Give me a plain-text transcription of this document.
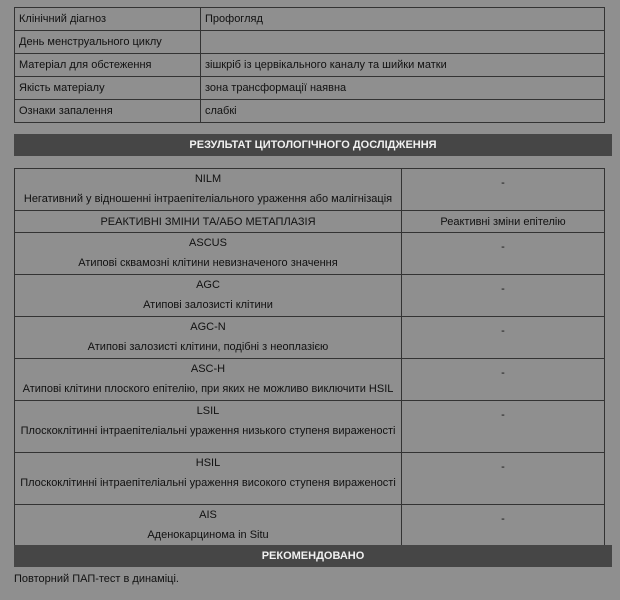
Клінічний діагноз	Профогляд
День менструального циклу	
Матеріал для обстеження	зішкріб із цервікального каналу та шийки матки
Якість матеріалу	зона трансформації наявна
Ознаки запалення	слабкі
РЕЗУЛЬТАТ ЦИТОЛОГІЧНОГО ДОСЛІДЖЕННЯ
NILM
Негативний у відношенні інтраепітеліального ураження або малігнізація	-
РЕАКТИВНІ ЗМІНИ ТА/АБО МЕТАПЛАЗІЯ	Реактивні зміни епітелію

ASCUS
Атипові сквамозні клітини невизначеного значення	-

AGC
Атипові залозисті клітини	-

AGC-N
Атипові залозисті клітини, подібні з неоплазією	-

ASC-H
Атипові клітини плоского епітелію, при яких не можливо виключити HSIL	-

LSIL
Плоскоклітинні інтраепітеліальні ураження низького ступеня вираженості	-

HSIL
Плоскоклітинні інтраепітеліальні ураження високого ступеня вираженості	-

AIS
Аденокарцинома in Situ	-
РЕКОМЕНДОВАНО
Повторний ПАП-тест в динаміці.
